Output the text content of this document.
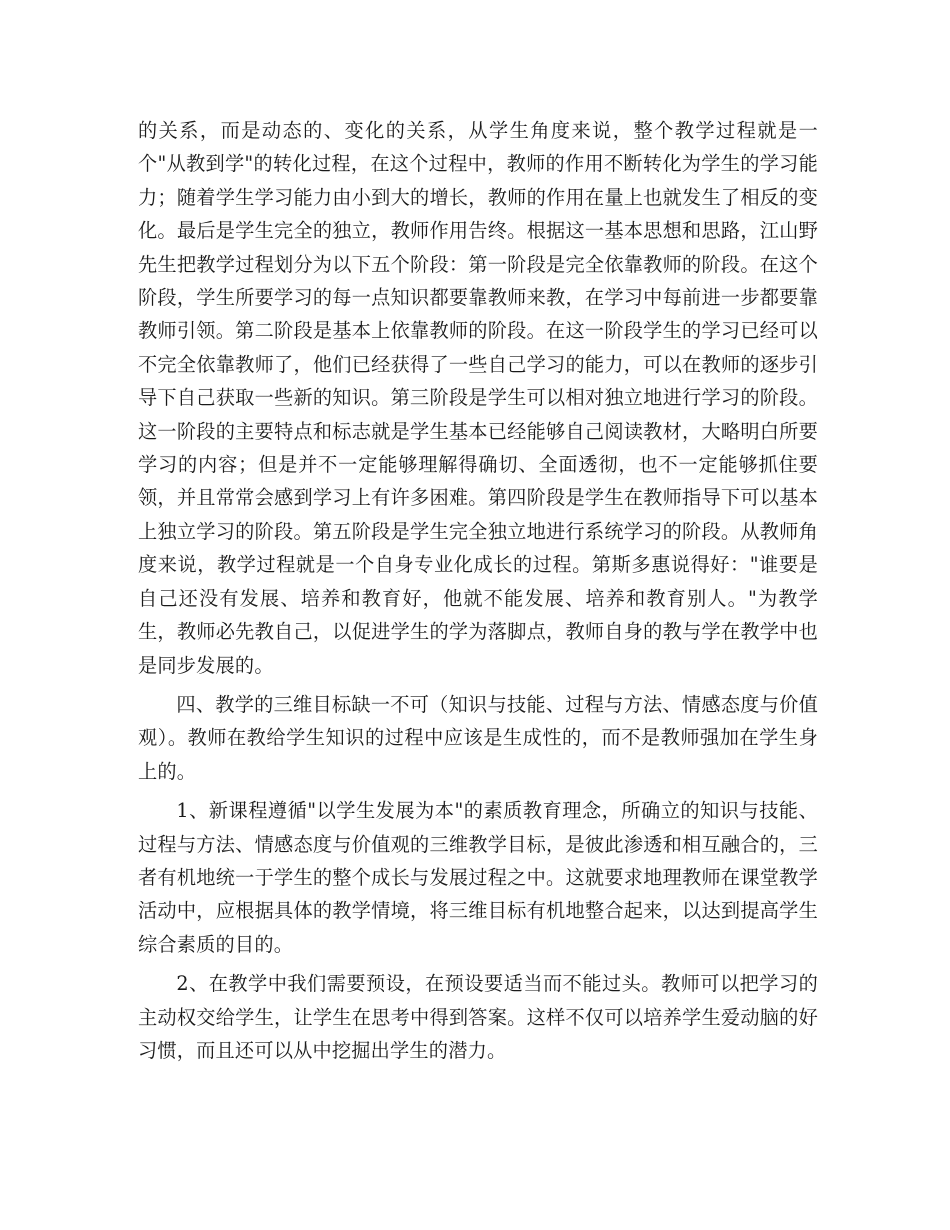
的关系，而是动态的、变化的关系，从学生角度来说，整个教学过程就是一个"从教到学"的转化过程，在这个过程中，教师的作用不断转化为学生的学习能力；随着学生学习能力由小到大的增长，教师的作用在量上也就发生了相反的变化。最后是学生完全的独立，教师作用告终。根据这一基本思想和思路，江山野先生把教学过程划分为以下五个阶段：第一阶段是完全依靠教师的阶段。在这个阶段，学生所要学习的每一点知识都要靠教师来教，在学习中每前进一步都要靠教师引领。第二阶段是基本上依靠教师的阶段。在这一阶段学生的学习已经可以不完全依靠教师了，他们已经获得了一些自己学习的能力，可以在教师的逐步引导下自己获取一些新的知识。第三阶段是学生可以相对独立地进行学习的阶段。这一阶段的主要特点和标志就是学生基本已经能够自己阅读教材，大略明白所要学习的内容；但是并不一定能够理解得确切、全面透彻，也不一定能够抓住要领，并且常常会感到学习上有许多困难。第四阶段是学生在教师指导下可以基本上独立学习的阶段。第五阶段是学生完全独立地进行系统学习的阶段。从教师角度来说，教学过程就是一个自身专业化成长的过程。第斯多惠说得好："谁要是自己还没有发展、培养和教育好，他就不能发展、培养和教育别人。"为教学生，教师必先教自己，以促进学生的学为落脚点，教师自身的教与学在教学中也是同步发展的。

四、教学的三维目标缺一不可（知识与技能、过程与方法、情感态度与价值观）。教师在教给学生知识的过程中应该是生成性的，而不是教师强加在学生身上的。

1、新课程遵循"以学生发展为本"的素质教育理念，所确立的知识与技能、过程与方法、情感态度与价值观的三维教学目标，是彼此渗透和相互融合的，三者有机地统一于学生的整个成长与发展过程之中。这就要求地理教师在课堂教学活动中，应根据具体的教学情境，将三维目标有机地整合起来，以达到提高学生综合素质的目的。

2、在教学中我们需要预设，在预设要适当而不能过头。教师可以把学习的主动权交给学生，让学生在思考中得到答案。这样不仅可以培养学生爱动脑的好习惯，而且还可以从中挖掘出学生的潜力。
